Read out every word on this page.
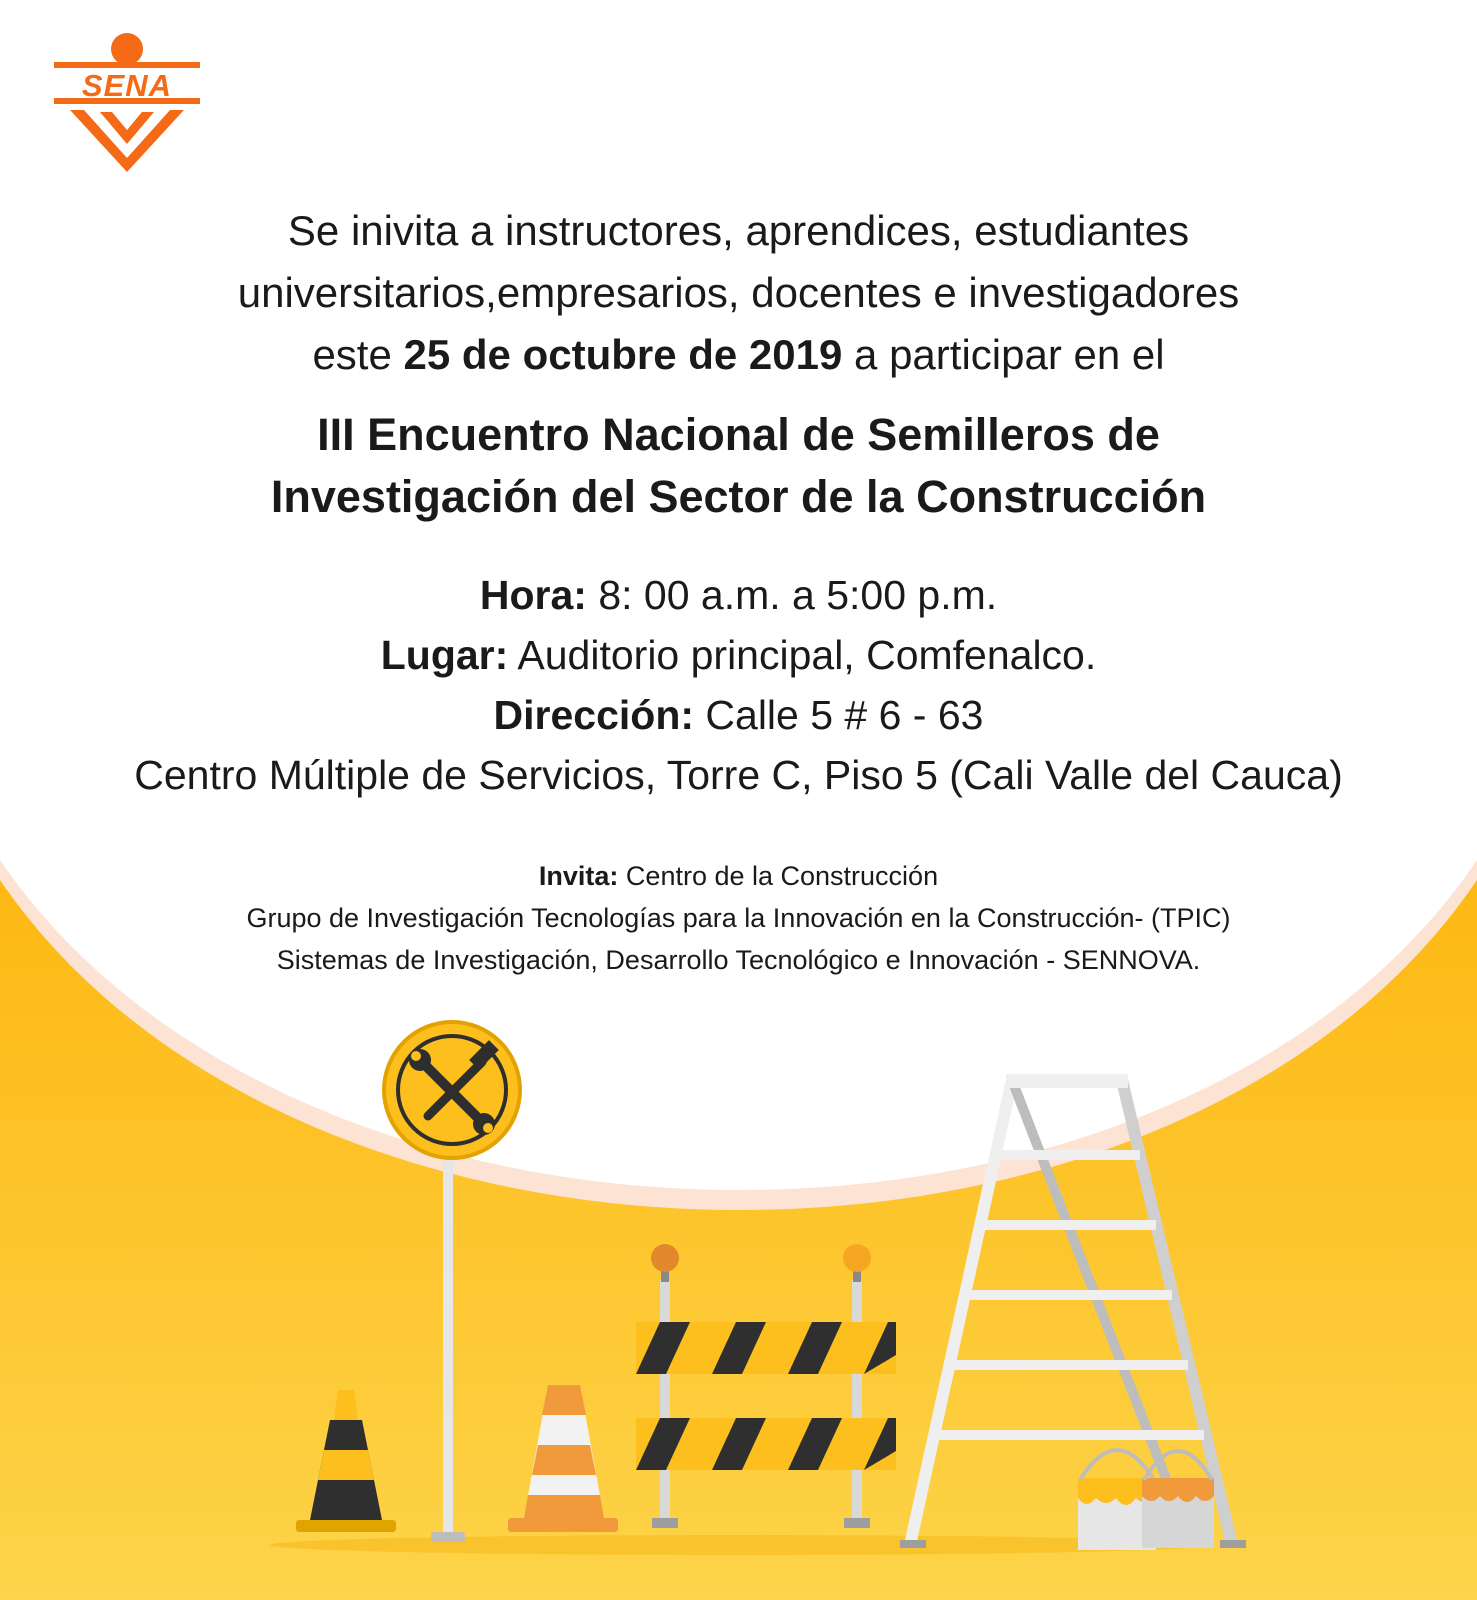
SENA
Se inivita a instructores, aprendices, estudiantes
universitarios,empresarios, docentes e investigadores
este 25 de octubre de 2019 a participar en el
III Encuentro Nacional de Semilleros de
Investigación del Sector de la Construcción
Hora: 8: 00 a.m. a 5:00 p.m.
Lugar: Auditorio principal, Comfenalco.
Dirección: Calle 5 # 6 - 63
Centro Múltiple de Servicios, Torre C, Piso 5 (Cali Valle del Cauca)
Invita: Centro de la Construcción
Grupo de Investigación Tecnologías para la Innovación en la Construcción- (TPIC)
Sistemas de Investigación, Desarrollo Tecnológico e Innovación - SENNOVA.
